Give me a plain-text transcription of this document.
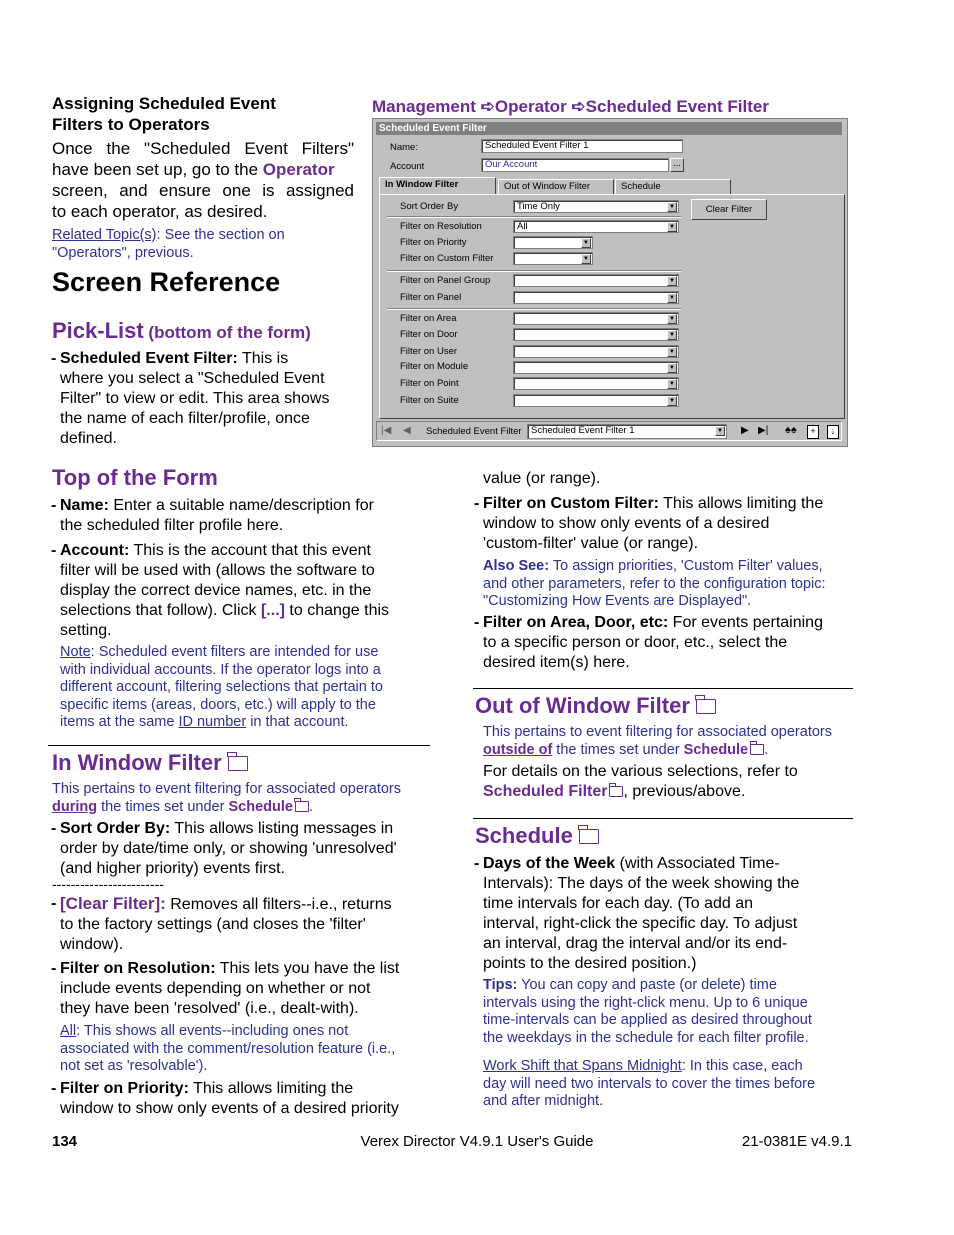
Assigning Scheduled Event
Filters to Operators
Once the "Scheduled Event Filters"
have been set up, go to the Operator
screen, and ensure one is assigned
to each operator, as desired.
Related Topic(s): See the section on
"Operators", previous.
Screen Reference
Pick-List (bottom of the form)
- Scheduled Event Filter: This is
where you select a "Scheduled Event
Filter" to view or edit. This area shows
the name of each filter/profile, once
defined.
Top of the Form
- Name: Enter a suitable name/description for
the scheduled filter profile here.
- Account: This is the account that this event
filter will be used with (allows the software to
display the correct device names, etc. in the
selections that follow). Click [...] to change this
setting.
Note: Scheduled event filters are intended for use
with individual accounts. If the operator logs into a
different account, filtering selections that pertain to
specific items (areas, doors, etc.) will apply to the
items at the same ID number in that account.
In Window Filter
This pertains to event filtering for associated operators
during the times set under Schedule .
- Sort Order By: This allows listing messages in
order by date/time only, or showing 'unresolved'
(and higher priority) events first.
------------------------
- [Clear Filter]: Removes all filters--i.e., returns
to the factory settings (and closes the 'filter'
window).
- Filter on Resolution: This lets you have the list
include events depending on whether or not
they have been 'resolved' (i.e., dealt-with).
All: This shows all events--including ones not
associated with the comment/resolution feature (i.e.,
not set as 'resolvable').
- Filter on Priority: This allows limiting the
window to show only events of a desired priority
Management ➪Operator ➪Scheduled Event Filter
Scheduled Event Filter
Name:	Scheduled Event Filter 1
Account	Our Account	...
In Window Filter	Out of Window Filter	Schedule
Sort Order By	Time Only	▼	Clear Filter
Filter on Resolution	All	▼
Filter on Priority	▼
Filter on Custom Filter	▼
Filter on Panel Group	▼
Filter on Panel	▼
Filter on Area	▼
Filter on Door	▼
Filter on User	▼
Filter on Module	▼
Filter on Point	▼
Filter on Suite	▼
|◀ ◀ Scheduled Event Filter Scheduled Event Filter 1	▼ ▶ ▶| ♠♠	+	↓
value (or range).
- Filter on Custom Filter: This allows limiting the
window to show only events of a desired
'custom-filter' value (or range).
Also See: To assign priorities, 'Custom Filter' values,
and other parameters, refer to the configuration topic:
"Customizing How Events are Displayed".
- Filter on Area, Door, etc: For events pertaining
to a specific person or door, etc., select the
desired item(s) here.
Out of Window Filter
This pertains to event filtering for associated operators
outside of the times set under Schedule .
For details on the various selections, refer to
Scheduled Filter , previous/above.
Schedule
- Days of the Week (with Associated Time-
Intervals): The days of the week showing the
time intervals for each day. (To add an
interval, right-click the specific day. To adjust
an interval, drag the interval and/or its end-
points to the desired position.)
Tips: You can copy and paste (or delete) time
intervals using the right-click menu. Up to 6 unique
time-intervals can be applied as desired throughout
the weekdays in the schedule for each filter profile.
Work Shift that Spans Midnight: In this case, each
day will need two intervals to cover the times before
and after midnight.
134	Verex Director V4.9.1 User's Guide	21-0381E v4.9.1
